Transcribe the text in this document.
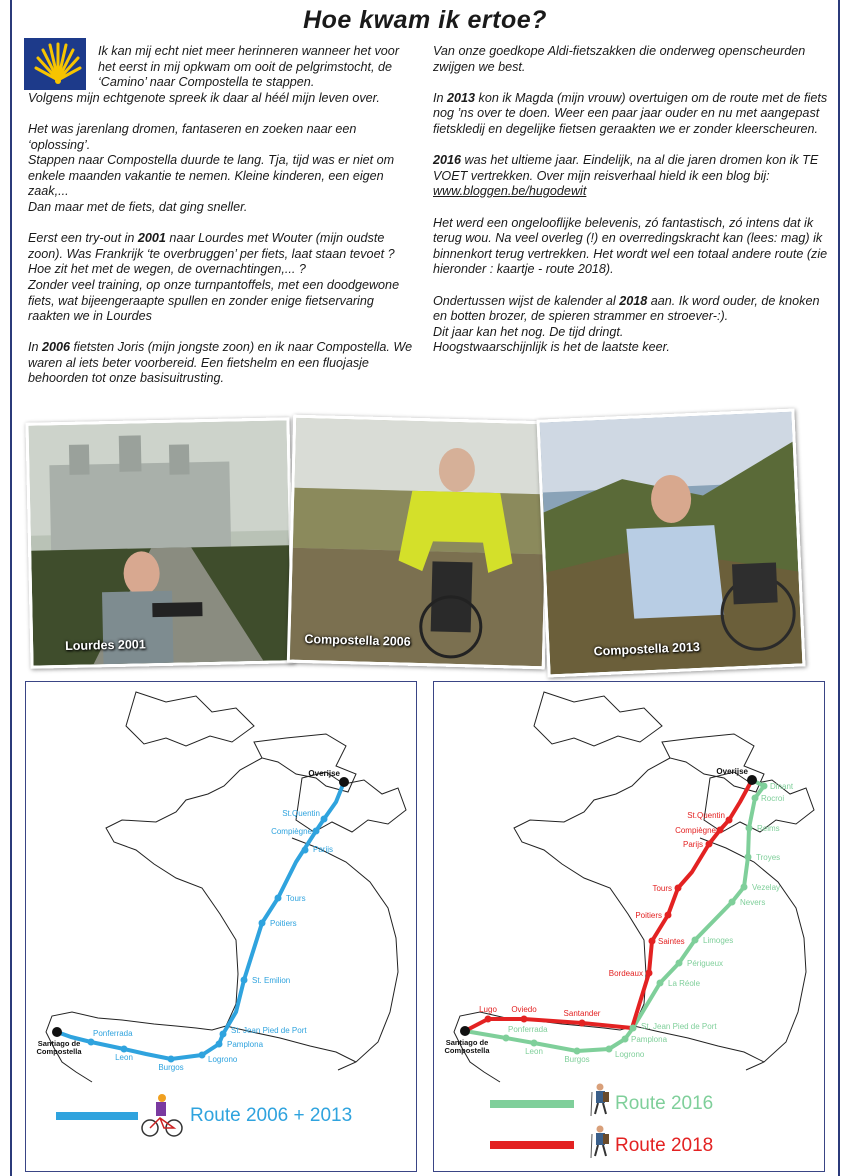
Hoe kwam ik ertoe?

Ik kan mij echt niet meer herinneren wanneer het voor het eerst in mij opkwam om ooit de pelgrimstocht, de ‘Camino’ naar Compostella te stappen.
Volgens mijn echtgenote spreek ik daar al héél mijn leven over.

Het was jarenlang dromen, fantaseren en zoeken naar een ‘oplossing’.
Stappen naar Compostella duurde te lang. Tja, tijd was er niet om enkele maanden vakantie te nemen. Kleine kinderen, een eigen zaak,...
Dan maar met de fiets, dat ging sneller.

Eerst een try-out in 2001 naar Lourdes met Wouter (mijn oudste zoon). Was Frankrijk ‘te overbruggen’ per fiets, laat staan tevoet ? Hoe zit het met de wegen, de overnachtingen,... ?
Zonder veel training, op onze turnpantoffels, met een doodgewone fiets, wat bijeengeraapte spullen en zonder enige fietservaring raakten we in Lourdes

In 2006 fietsten Joris (mijn jongste zoon) en ik naar Compostella. We waren al iets beter voorbereid. Een fietshelm en een fluojasje behoorden tot onze basisuitrusting.

Van onze goedkope Aldi-fietszakken die onderweg openscheurden zwijgen we best.

In 2013 kon ik Magda (mijn vrouw) overtuigen om de route met de fiets nog ’ns over te doen. Weer een paar jaar ouder en nu met aangepast fietskledij en degelijke fietsen geraakten we er zonder kleerscheuren.

2016 was het ultieme jaar. Eindelijk, na al die jaren dromen kon ik TE VOET vertrekken. Over mijn reisverhaal hield ik een blog bij:
www.bloggen.be/hugodewit

Het werd een ongelooflijke belevenis, zó fantastisch, zó intens dat ik terug wou. Na veel overleg (!) en overredingskracht kan (lees: mag) ik binnenkort terug vertrekken. Het wordt wel een totaal andere route (zie hieronder : kaartje - route 2018).

Ondertussen wijst de kalender al 2018 aan. Ik word ouder, de knoken en botten brozer, de spieren strammer en stroever-:).
Dit jaar kan het nog. De tijd dringt.
Hoogstwaarschijnlijk is het de laatste keer.

Lourdes 2001	Compostella 2006	Compostella 2013
St.Quentin
Compiègne
Parijs
Tours
Poitiers
St. Emilion
St. Jean Pied de Port
Pamplona
Logrono
Burgos
Leon
Ponferrada
Overijse
Santiago de
Compostella
Route 2006 + 2013
Dinant
Rocroi
Reims
Troyes
Vezelay
Nevers
Limoges
Périgueux
La Réole
St. Jean Pied de Port
Pamplona
Logrono
Burgos
Leon
Ponferrada
St.Quentin
Compiègne
Parijs
Tours
Poitiers
Saintes
Bordeaux
Santander
Oviedo
Lugo
Overijse
Santiago de
Compostella
Route 2016
Route 2018
